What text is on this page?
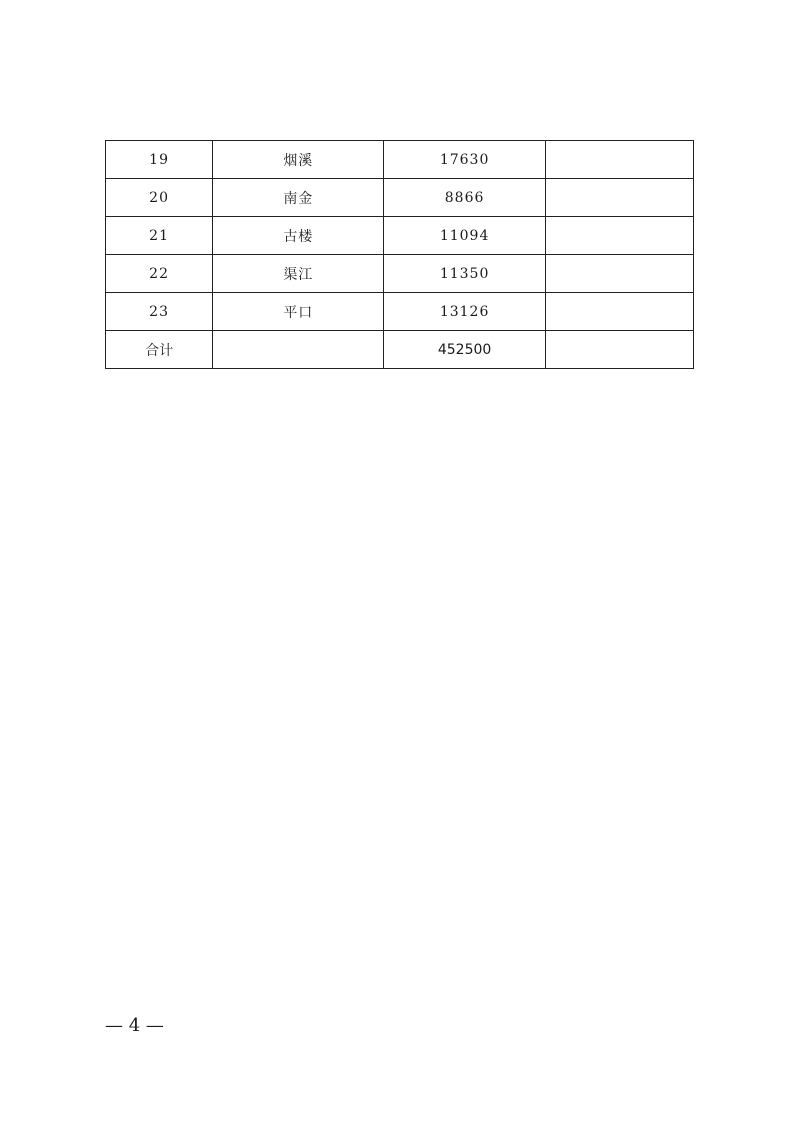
19	烟溪	17630	
20	南金	8866	
21	古楼	11094	
22	渠江	11350	
23	平口	13126	
合计		452500	
— 4 —
